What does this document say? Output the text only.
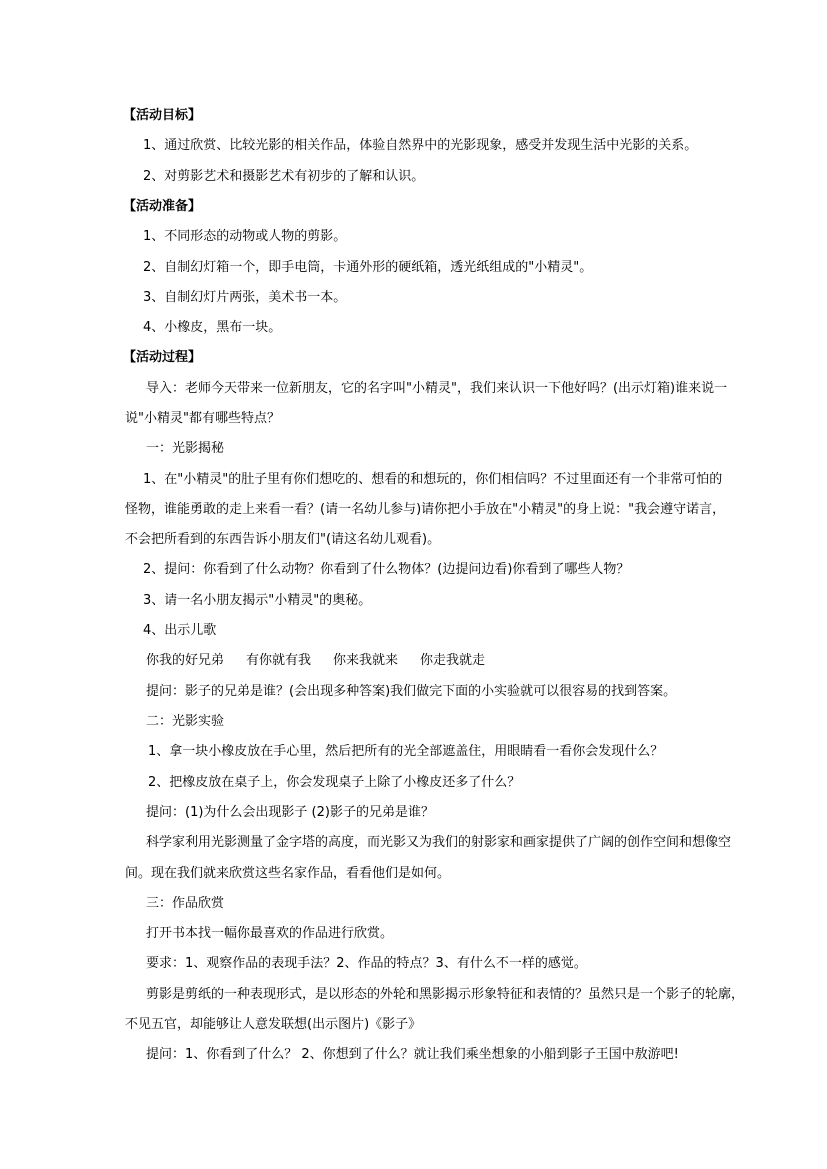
【活动目标】
1、通过欣赏、比较光影的相关作品，体验自然界中的光影现象，感受并发现生活中光影的关系。
2、对剪影艺术和摄影艺术有初步的了解和认识。
【活动准备】
1、不同形态的动物或人物的剪影。
2、自制幻灯箱一个，即手电筒，卡通外形的硬纸箱，透光纸组成的"小精灵"。
3、自制幻灯片两张，美术书一本。
4、小橡皮，黑布一块。
【活动过程】
导入：老师今天带来一位新朋友，它的名字叫"小精灵"，我们来认识一下他好吗？(出示灯箱)谁来说一
说"小精灵"都有哪些特点？
一：光影揭秘
1、在"小精灵"的肚子里有你们想吃的、想看的和想玩的，你们相信吗？不过里面还有一个非常可怕的
怪物，谁能勇敢的走上来看一看？(请一名幼儿参与)请你把小手放在"小精灵"的身上说："我会遵守诺言，
不会把所看到的东西告诉小朋友们"(请这名幼儿观看)。
2、提问：你看到了什么动物？你看到了什么物体？(边提问边看)你看到了哪些人物？
3、请一名小朋友揭示"小精灵"的奥秘。
4、出示儿歌
你我的好兄弟 有你就有我 你来我就来 你走我就走
提问：影子的兄弟是谁？(会出现多种答案)我们做完下面的小实验就可以很容易的找到答案。
二：光影实验
1、拿一块小橡皮放在手心里，然后把所有的光全部遮盖住，用眼睛看一看你会发现什么？
2、把橡皮放在桌子上，你会发现桌子上除了小橡皮还多了什么？
提问：(1)为什么会出现影子 (2)影子的兄弟是谁？
科学家利用光影测量了金字塔的高度，而光影又为我们的射影家和画家提供了广阔的创作空间和想像空
间。现在我们就来欣赏这些名家作品，看看他们是如何。
三：作品欣赏
打开书本找一幅你最喜欢的作品进行欣赏。
要求：1、观察作品的表现手法？2、作品的特点？3、有什么不一样的感觉。
剪影是剪纸的一种表现形式，是以形态的外轮和黑影揭示形象特征和表情的？虽然只是一个影子的轮廓，
不见五官，却能够让人意发联想(出示图片)《影子》
提问：1、你看到了什么？ 2、你想到了什么？就让我们乘坐想象的小船到影子王国中敖游吧!
